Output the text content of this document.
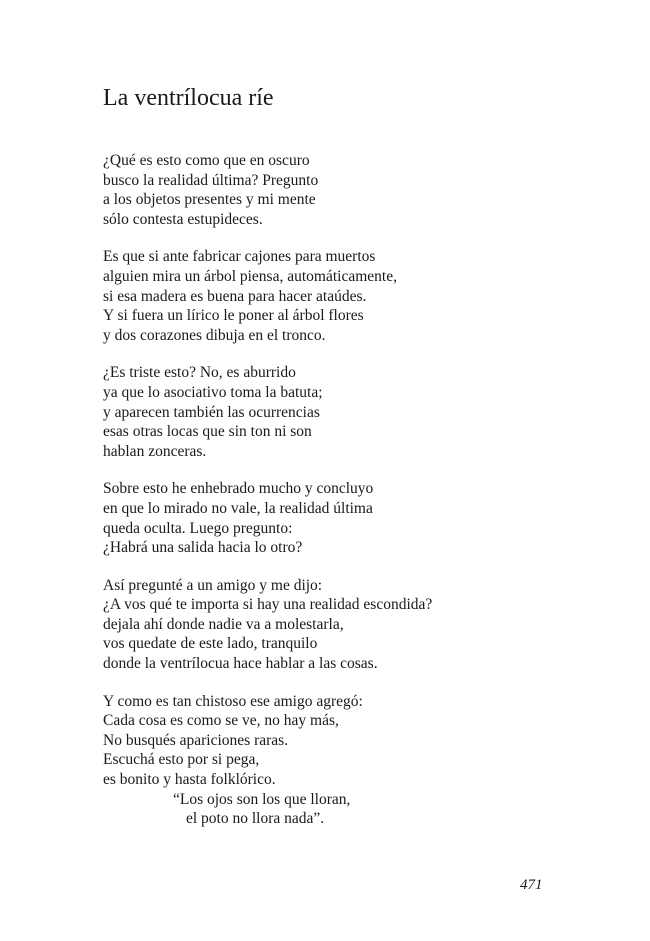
La ventrílocua ríe
¿Qué es esto como que en oscuro
busco la realidad última? Pregunto
a los objetos presentes y mi mente
sólo contesta estupideces.
Es que si ante fabricar cajones para muertos
alguien mira un árbol piensa, automáticamente,
si esa madera es buena para hacer ataúdes.
Y si fuera un lírico le poner al árbol flores
y dos corazones dibuja en el tronco.
¿Es triste esto? No, es aburrido
ya que lo asociativo toma la batuta;
y aparecen también las ocurrencias
esas otras locas que sin ton ni son
hablan zonceras.
Sobre esto he enhebrado mucho y concluyo
en que lo mirado no vale, la realidad última
queda oculta. Luego pregunto:
¿Habrá una salida hacia lo otro?
Así pregunté a un amigo y me dijo:
¿A vos qué te importa si hay una realidad escondida?
dejala ahí donde nadie va a molestarla,
vos quedate de este lado, tranquilo
donde la ventrílocua hace hablar a las cosas.
Y como es tan chistoso ese amigo agregó:
Cada cosa es como se ve, no hay más,
No busqués apariciones raras.
Escuchá esto por si pega,
es bonito y hasta folklórico.
“Los ojos son los que lloran,
el poto no llora nada”.
471
